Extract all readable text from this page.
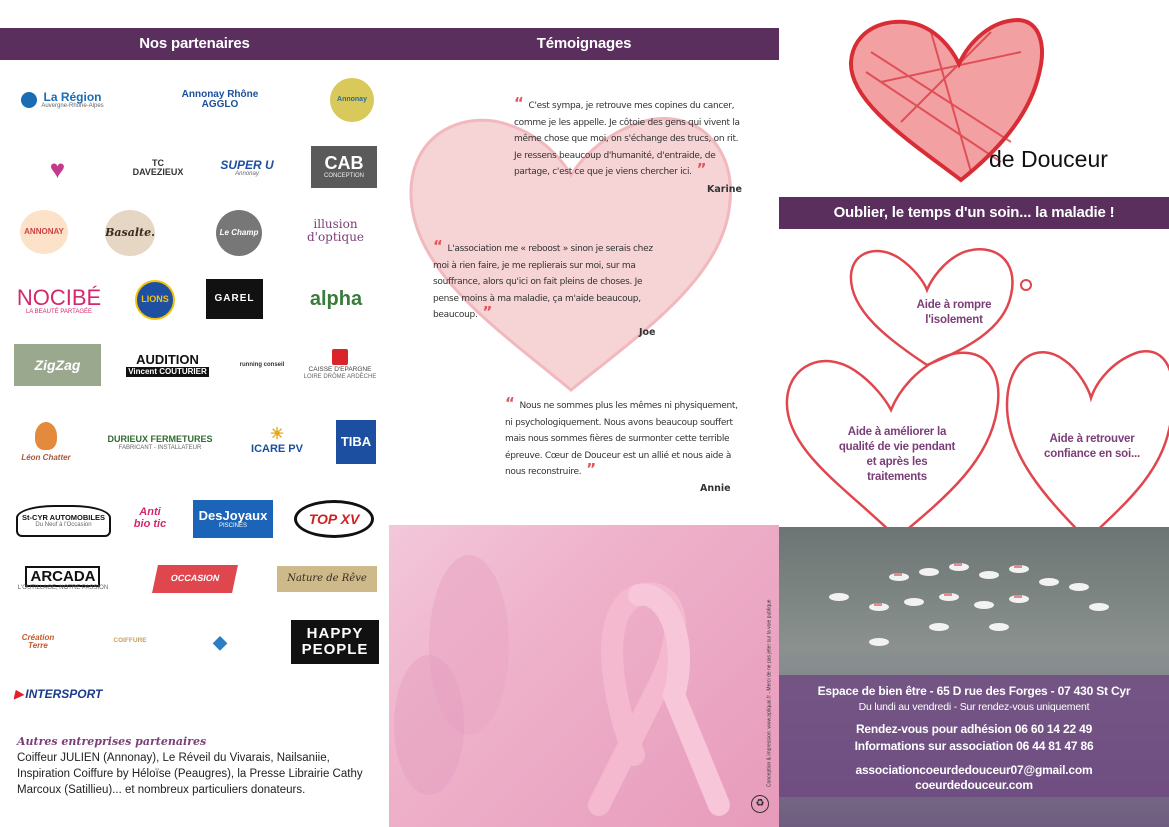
Nos partenaires
La Région
Auvergne-Rhône-Alpes
Annonay Rhône AGGLO	Annonay
♥	TC DAVEZIEUX
SUPER U
Annonay
CAB
CONCEPTION
ANNONAY	Basalte.	Le Champ
illusion d'optique
NOCIBÉ
LA BEAUTÉ PARTAGÉE
LIONS	GAREL	alpha
ZigZag	AUDITION
Vincent COUTURIER
running conseil
CAISSE D'EPARGNE
LOIRE DRÔME ARDÈCHE
Léon Chatter
DURIEUX FERMETURES
FABRICANT - INSTALLATEUR
☀
ICARE PV	TIBA
St-CYR AUTOMOBILES
Du Neuf à l'Occasion
Anti bio tic
DesJoyaux
PISCINES	TOP XV
ARCADA
L'OUTILLAGE, NOTRE PASSION
OCCASION	Nature de Rêve
Création Terre
COIFFURE	◆	HAPPY PEOPLE
▶ INTERSPORT
Autres entreprises partenaires
Coiffeur JULIEN (Annonay), Le Réveil du Vivarais, Nailsaniie, Inspiration Coiffure by Héloïse (Peaugres), la Presse Librairie Cathy Marcoux (Satillieu)... et nombreux particuliers donateurs.
Témoignages
“ C'est sympa, je retrouve mes copines du cancer, comme je les appelle. Je côtoie des gens qui vivent la même chose que moi, on s'échange des trucs, on rit. Je ressens beaucoup d'humanité, d'entraide, de partage, c'est ce que je viens chercher ici. ”
Karine
“ L'association me « reboost » sinon je serais chez moi à rien faire, je me replierais sur moi, sur ma souffrance, alors qu'ici on fait pleins de choses. Je pense moins à ma maladie, ça m'aide beaucoup, beaucoup. ”
Joe
“ Nous ne sommes plus les mêmes ni physiquement, ni psychologiquement. Nous avons beaucoup souffert mais nous sommes fières de surmonter cette terrible épreuve. Cœur de Douceur est un allié et nous aide à nous reconstruire. ”
Annie
Conception & impression: www.apliquai.fr - Merci de ne pas jeter sur la voie publique
♻
de Douceur
Oublier, le temps d'un soin... la maladie !
Aide à rompre l'isolement
Aide à améliorer la qualité de vie pendant et après les traitements
Aide à retrouver confiance en soi...
Espace de bien être - 65 D rue des Forges - 07 430 St Cyr
Du lundi au vendredi - Sur rendez-vous uniquement
Rendez-vous pour adhésion 06 60 14 22 49
Informations sur association 06 44 81 47 86
associationcoeurdedouceur07@gmail.com
coeurdedouceur.com
